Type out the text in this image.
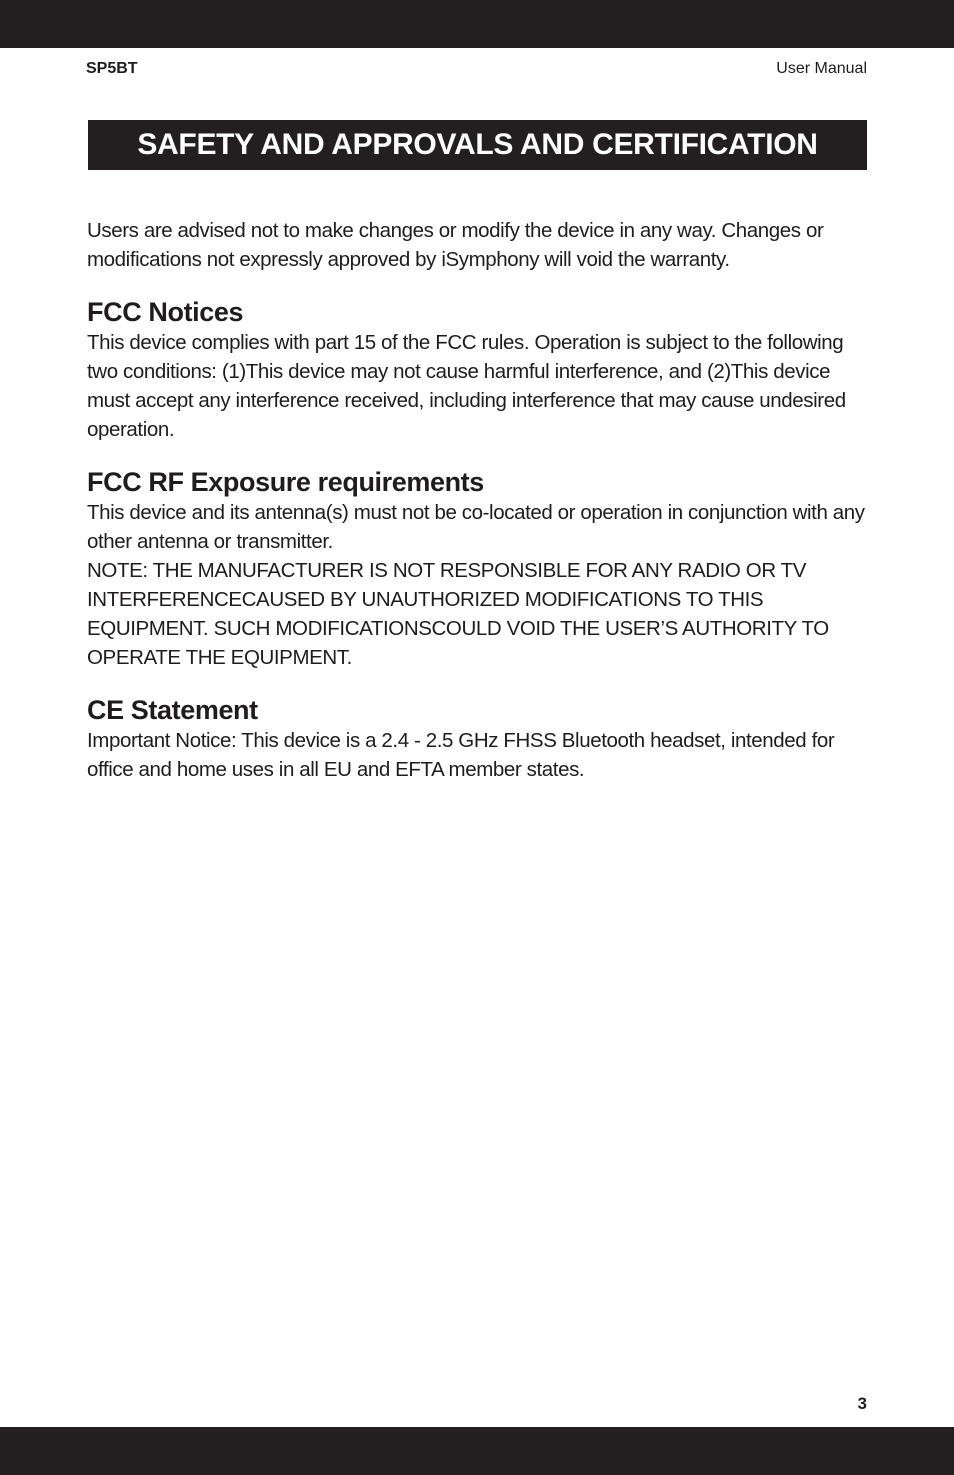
SP5BT	User Manual
SAFETY AND APPROVALS AND CERTIFICATION

Users are advised not to make changes or modify the device in any way. Changes or modifications not expressly approved by iSymphony will void the warranty.

FCC Notices

This device complies with part 15 of the FCC rules. Operation is subject to the following two conditions: (1)This device may not cause harmful interference, and (2)This device must accept any interference received, including interference that may cause undesired operation.

FCC RF Exposure requirements

This device and its antenna(s) must not be co-located or operation in conjunction with any other antenna or transmitter.

NOTE: THE MANUFACTURER IS NOT RESPONSIBLE FOR ANY RADIO OR TV INTERFERENCECAUSED BY UNAUTHORIZED MODIFICATIONS TO THIS EQUIPMENT. SUCH MODIFICATIONSCOULD VOID THE USER’S AUTHORITY TO OPERATE THE EQUIPMENT.

CE Statement

Important Notice: This device is a 2.4 - 2.5 GHz FHSS Bluetooth headset, intended for office and home uses in all EU and EFTA member states.

3
